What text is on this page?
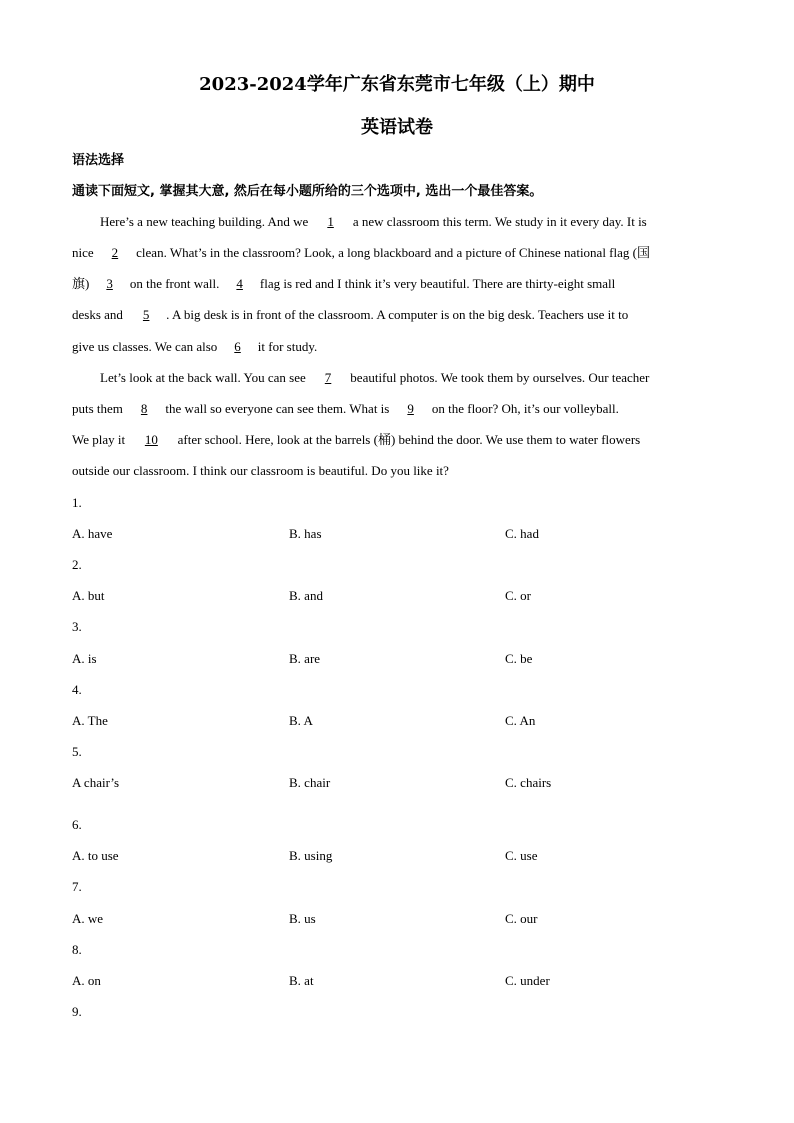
2023-2024学年广东省东莞市七年级（上）期中
英语试卷
语法选择
通读下面短文, 掌握其大意, 然后在每小题所给的三个选项中, 选出一个最佳答案。
Here’s a new teaching building. And we 1 a new classroom this term. We study in it every day. It is
nice 2 clean. What’s in the classroom? Look, a long blackboard and a picture of Chinese national flag (国
旗) 3 on the front wall. 4 flag is red and I think it’s very beautiful. There are thirty-eight small
desks and 5 . A big desk is in front of the classroom. A computer is on the big desk. Teachers use it to
give us classes. We can also 6 it for study.
Let’s look at the back wall. You can see 7 beautiful photos. We took them by ourselves. Our teacher
puts them 8 the wall so everyone can see them. What is 9 on the floor? Oh, it’s our volleyball.
We play it 10 after school. Here, look at the barrels (桶) behind the door. We use them to water flowers
outside our classroom. I think our classroom is beautiful. Do you like it?
1.
A. have	B. has	C. had
2.
A. but	B. and	C. or
3.
A. is	B. are	C. be
4.
A. The	B. A	C. An
5.
A chair’s	B. chair	C. chairs
6.
A. to use	B. using	C. use
7.
A. we	B. us	C. our
8.
A. on	B. at	C. under
9.
